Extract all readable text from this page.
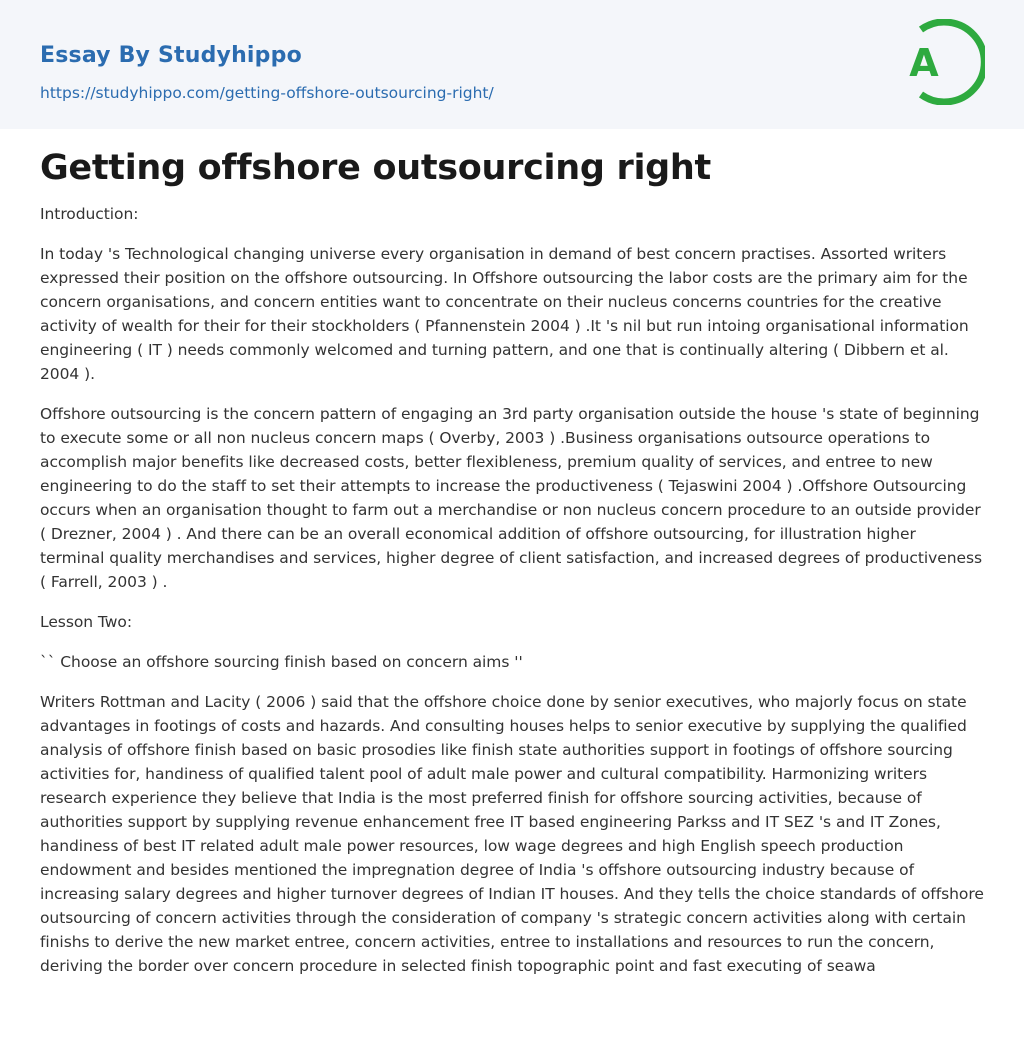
Essay By Studyhippo
https://studyhippo.com/getting-offshore-outsourcing-right/
A
Getting offshore outsourcing right

Introduction:

In today 's Technological changing universe every organisation in demand of best concern practises. Assorted writers expressed their position on the offshore outsourcing. In Offshore outsourcing the labor costs are the primary aim for the concern organisations, and concern entities want to concentrate on their nucleus concerns countries for the creative activity of wealth for their for their stockholders ( Pfannenstein 2004 ) .It 's nil but run intoing organisational information engineering ( IT ) needs commonly welcomed and turning pattern, and one that is continually altering ( Dibbern et al. 2004 ).

Offshore outsourcing is the concern pattern of engaging an 3rd party organisation outside the house 's state of beginning to execute some or all non nucleus concern maps ( Overby, 2003 ) .Business organisations outsource operations to accomplish major benefits like decreased costs, better flexibleness, premium quality of services, and entree to new engineering to do the staff to set their attempts to increase the productiveness ( Tejaswini 2004 ) .Offshore Outsourcing occurs when an organisation thought to farm out a merchandise or non nucleus concern procedure to an outside provider ( Drezner, 2004 ) . And there can be an overall economical addition of offshore outsourcing, for illustration higher terminal quality merchandises and services, higher degree of client satisfaction, and increased degrees of productiveness ( Farrell, 2003 ) .

Lesson Two:

`` Choose an offshore sourcing finish based on concern aims ''

Writers Rottman and Lacity ( 2006 ) said that the offshore choice done by senior executives, who majorly focus on state advantages in footings of costs and hazards. And consulting houses helps to senior executive by supplying the qualified analysis of offshore finish based on basic prosodies like finish state authorities support in footings of offshore sourcing activities for, handiness of qualified talent pool of adult male power and cultural compatibility. Harmonizing writers research experience they believe that India is the most preferred finish for offshore sourcing activities, because of authorities support by supplying revenue enhancement free IT based engineering Parkss and IT SEZ 's and IT Zones, handiness of best IT related adult male power resources, low wage degrees and high English speech production endowment and besides mentioned the impregnation degree of India 's offshore outsourcing industry because of increasing salary degrees and higher turnover degrees of Indian IT houses. And they tells the choice standards of offshore outsourcing of concern activities through the consideration of company 's strategic concern activities along with certain finishs to derive the new market entree, concern activities, entree to installations and resources to run the concern, deriving the border over concern procedure in selected finish topographic point and fast executing of seawa
